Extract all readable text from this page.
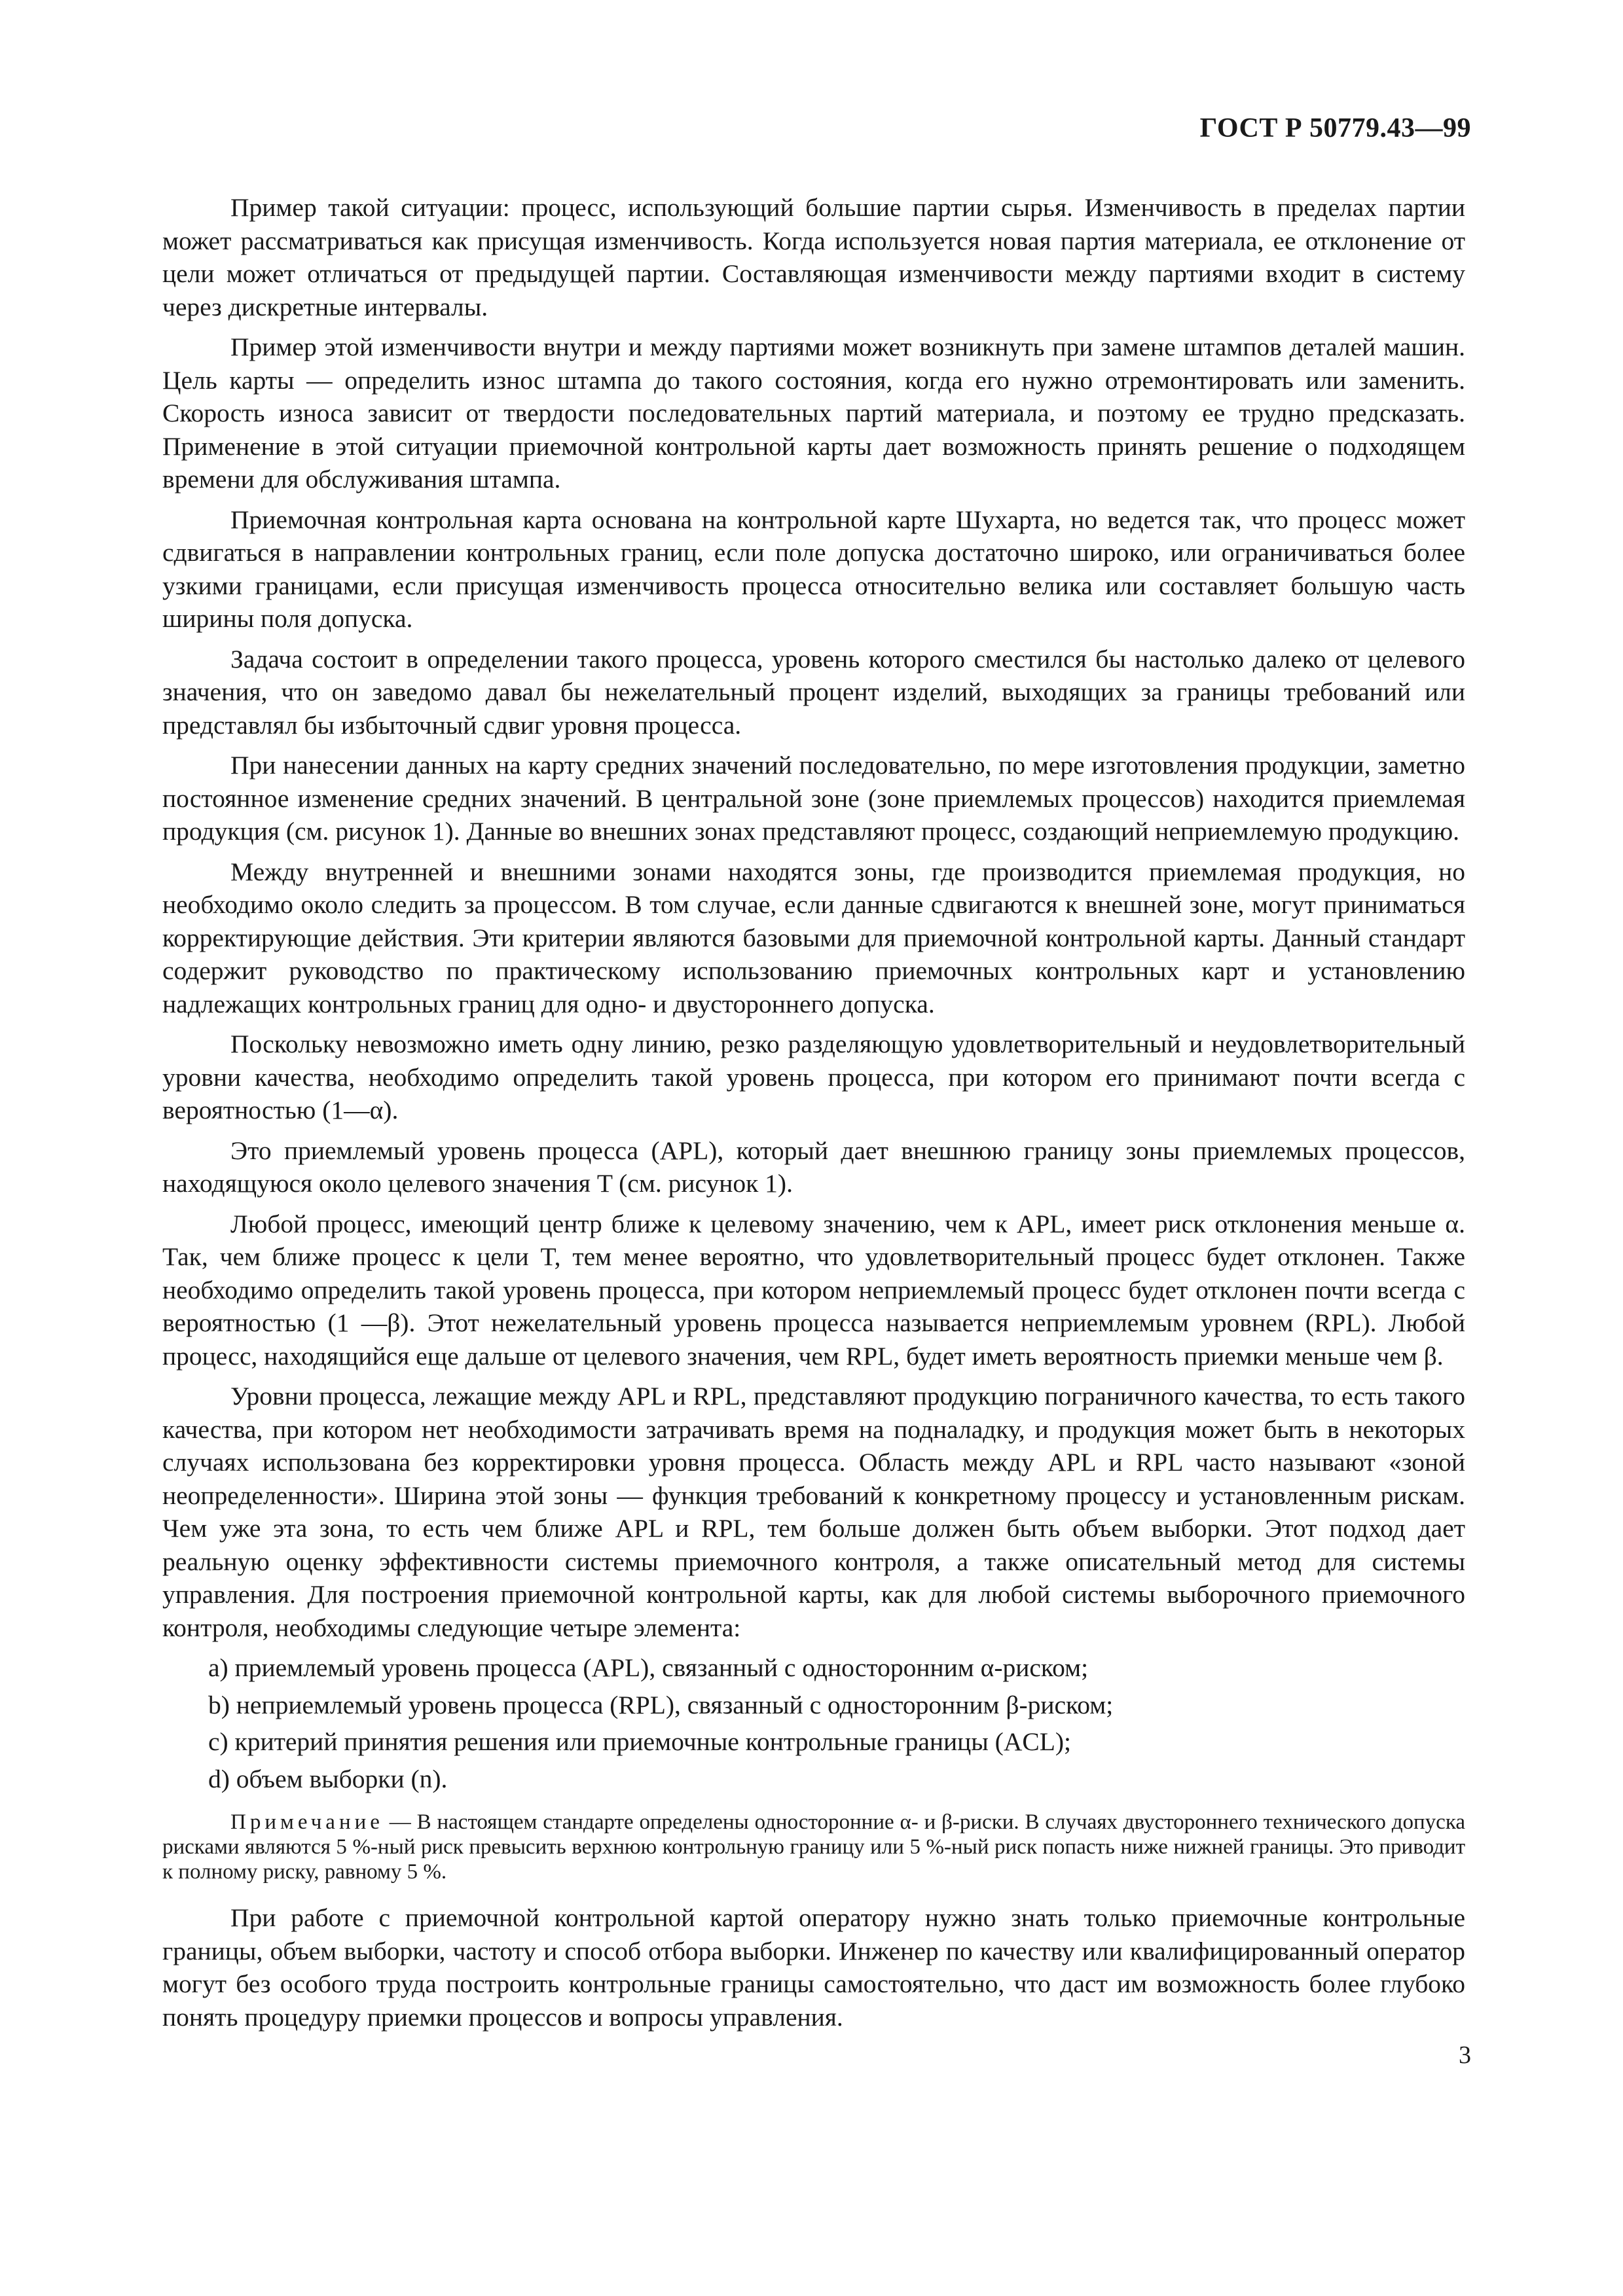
ГОСТ Р 50779.43—99

Пример такой ситуации: процесс, использующий большие партии сырья. Изменчивость в пределах партии может рассматриваться как присущая изменчивость. Когда используется новая партия материала, ее отклонение от цели может отличаться от предыдущей партии. Составляющая изменчивости между партиями входит в систему через дискретные интервалы.

Пример этой изменчивости внутри и между партиями может возникнуть при замене штампов деталей машин. Цель карты — определить износ штампа до такого состояния, когда его нужно отремонтировать или заменить. Скорость износа зависит от твердости последовательных партий материала, и поэтому ее трудно предсказать. Применение в этой ситуации приемочной контрольной карты дает возможность принять решение о подходящем времени для обслуживания штампа.

Приемочная контрольная карта основана на контрольной карте Шухарта, но ведется так, что процесс может сдвигаться в направлении контрольных границ, если поле допуска достаточно широко, или ограничиваться более узкими границами, если присущая изменчивость процесса относительно велика или составляет большую часть ширины поля допуска.

Задача состоит в определении такого процесса, уровень которого сместился бы настолько далеко от целевого значения, что он заведомо давал бы нежелательный процент изделий, выходящих за границы требований или представлял бы избыточный сдвиг уровня процесса.

При нанесении данных на карту средних значений последовательно, по мере изготовления продукции, заметно постоянное изменение средних значений. В центральной зоне (зоне приемлемых процессов) находится приемлемая продукция (см. рисунок 1). Данные во внешних зонах представляют процесс, создающий неприемлемую продукцию.

Между внутренней и внешними зонами находятся зоны, где производится приемлемая продукция, но необходимо около следить за процессом. В том случае, если данные сдвигаются к внешней зоне, могут приниматься корректирующие действия. Эти критерии являются базовыми для приемочной контрольной карты. Данный стандарт содержит руководство по практическому использованию приемочных контрольных карт и установлению надлежащих контрольных границ для одно- и двустороннего допуска.

Поскольку невозможно иметь одну линию, резко разделяющую удовлетворительный и неудовлетворительный уровни качества, необходимо определить такой уровень процесса, при котором его принимают почти всегда с вероятностью (1—α).

Это приемлемый уровень процесса (APL), который дает внешнюю границу зоны приемлемых процессов, находящуюся около целевого значения T (см. рисунок 1).

Любой процесс, имеющий центр ближе к целевому значению, чем к APL, имеет риск отклонения меньше α. Так, чем ближе процесс к цели T, тем менее вероятно, что удовлетворительный процесс будет отклонен. Также необходимо определить такой уровень процесса, при котором неприемлемый процесс будет отклонен почти всегда с вероятностью (1 —β). Этот нежелательный уровень процесса называется неприемлемым уровнем (RPL). Любой процесс, находящийся еще дальше от целевого значения, чем RPL, будет иметь вероятность приемки меньше чем β.

Уровни процесса, лежащие между APL и RPL, представляют продукцию пограничного качества, то есть такого качества, при котором нет необходимости затрачивать время на подналадку, и продукция может быть в некоторых случаях использована без корректировки уровня процесса. Область между APL и RPL часто называют «зоной неопределенности». Ширина этой зоны — функция требований к конкретному процессу и установленным рискам. Чем уже эта зона, то есть чем ближе APL и RPL, тем больше должен быть объем выборки. Этот подход дает реальную оценку эффективности системы приемочного контроля, а также описательный метод для системы управления. Для построения приемочной контрольной карты, как для любой системы выборочного приемочного контроля, необходимы следующие четыре элемента:

a) приемлемый уровень процесса (APL), связанный с односторонним α-риском;

b) неприемлемый уровень процесса (RPL), связанный с односторонним β-риском;

c) критерий принятия решения или приемочные контрольные границы (ACL);

d) объем выборки (n).

Примечание — В настоящем стандарте определены односторонние α- и β-риски. В случаях двустороннего технического допуска рисками являются 5 %-ный риск превысить верхнюю контрольную границу или 5 %-ный риск попасть ниже нижней границы. Это приводит к полному риску, равному 5 %.

При работе с приемочной контрольной картой оператору нужно знать только приемочные контрольные границы, объем выборки, частоту и способ отбора выборки. Инженер по качеству или квалифицированный оператор могут без особого труда построить контрольные границы самостоятельно, что даст им возможность более глубоко понять процедуру приемки процессов и вопросы управления.

3
